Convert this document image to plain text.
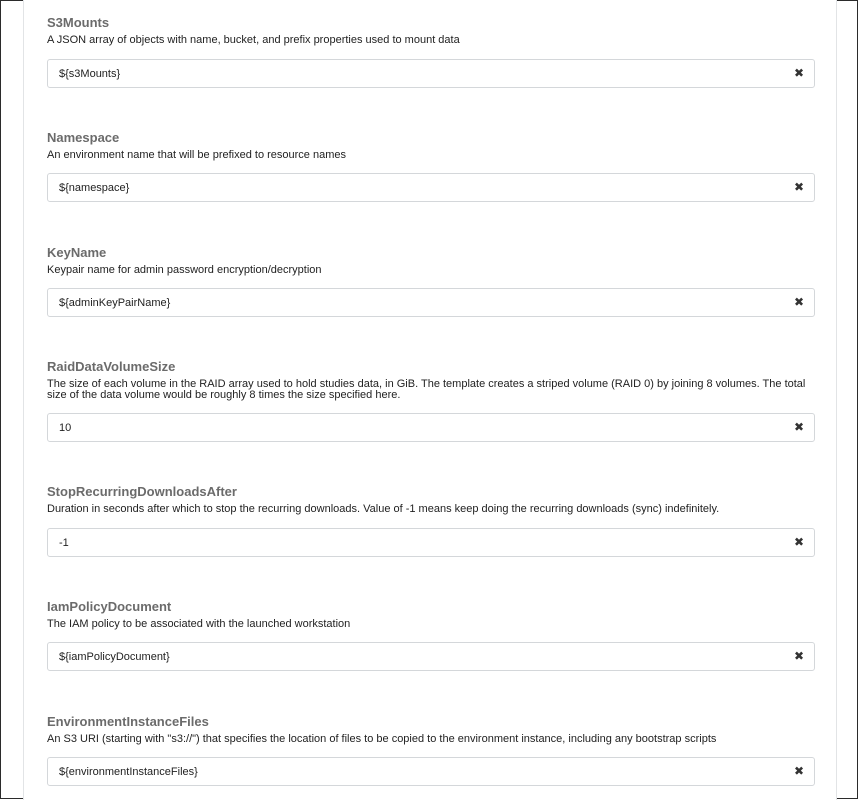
S3Mounts
A JSON array of objects with name, bucket, and prefix properties used to mount data
${s3Mounts}
✖
Namespace
An environment name that will be prefixed to resource names
${namespace}
✖
KeyName
Keypair name for admin password encryption/decryption
${adminKeyPairName}
✖
RaidDataVolumeSize
The size of each volume in the RAID array used to hold studies data, in GiB. The template creates a striped volume (RAID 0) by joining 8 volumes. The total size of the data volume would be roughly 8 times the size specified here.
10
✖
StopRecurringDownloadsAfter
Duration in seconds after which to stop the recurring downloads. Value of -1 means keep doing the recurring downloads (sync) indefinitely.
-1
✖
IamPolicyDocument
The IAM policy to be associated with the launched workstation
${iamPolicyDocument}
✖
EnvironmentInstanceFiles
An S3 URI (starting with "s3://") that specifies the location of files to be copied to the environment instance, including any bootstrap scripts
${environmentInstanceFiles}
✖
